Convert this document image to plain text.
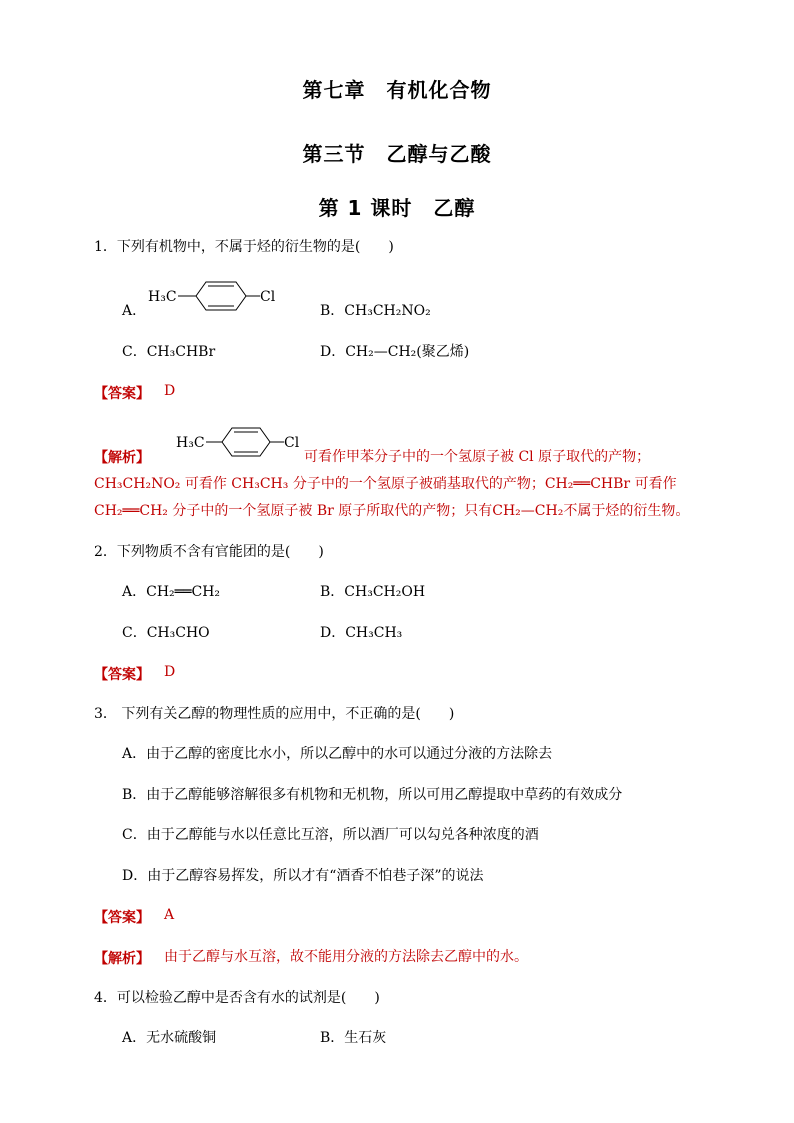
第七章　有机化合物
第三节　乙醇与乙酸
第 1 课时　乙醇
1．下列有机物中，不属于烃的衍生物的是(　　)
A．
H₃C	Cl
B．CH₃CH₂NO₂
C．CH₃CHBr	D．CH₂—CH₂(聚乙烯)
【答案】 D
【解析】
H₃C	Cl
可看作甲苯分子中的一个氢原子被 Cl 原子取代的产物；
CH₃CH₂NO₂ 可看作 CH₃CH₃ 分子中的一个氢原子被硝基取代的产物；CH₂══CHBr 可看作
CH₂══CH₂ 分子中的一个氢原子被 Br 原子所取代的产物；只有CH₂—CH₂不属于烃的衍生物。
2．下列物质不含有官能团的是(　　)
A．CH₂══CH₂	B．CH₃CH₂OH
C．CH₃CHO	D．CH₃CH₃
【答案】 D
3． 下列有关乙醇的物理性质的应用中，不正确的是(　　)
A．由于乙醇的密度比水小，所以乙醇中的水可以通过分液的方法除去
B．由于乙醇能够溶解很多有机物和无机物，所以可用乙醇提取中草药的有效成分
C．由于乙醇能与水以任意比互溶，所以酒厂可以勾兑各种浓度的酒
D．由于乙醇容易挥发，所以才有“酒香不怕巷子深”的说法
【答案】 A
【解析】 由于乙醇与水互溶，故不能用分液的方法除去乙醇中的水。
4．可以检验乙醇中是否含有水的试剂是(　　)
A．无水硫酸铜	B．生石灰
